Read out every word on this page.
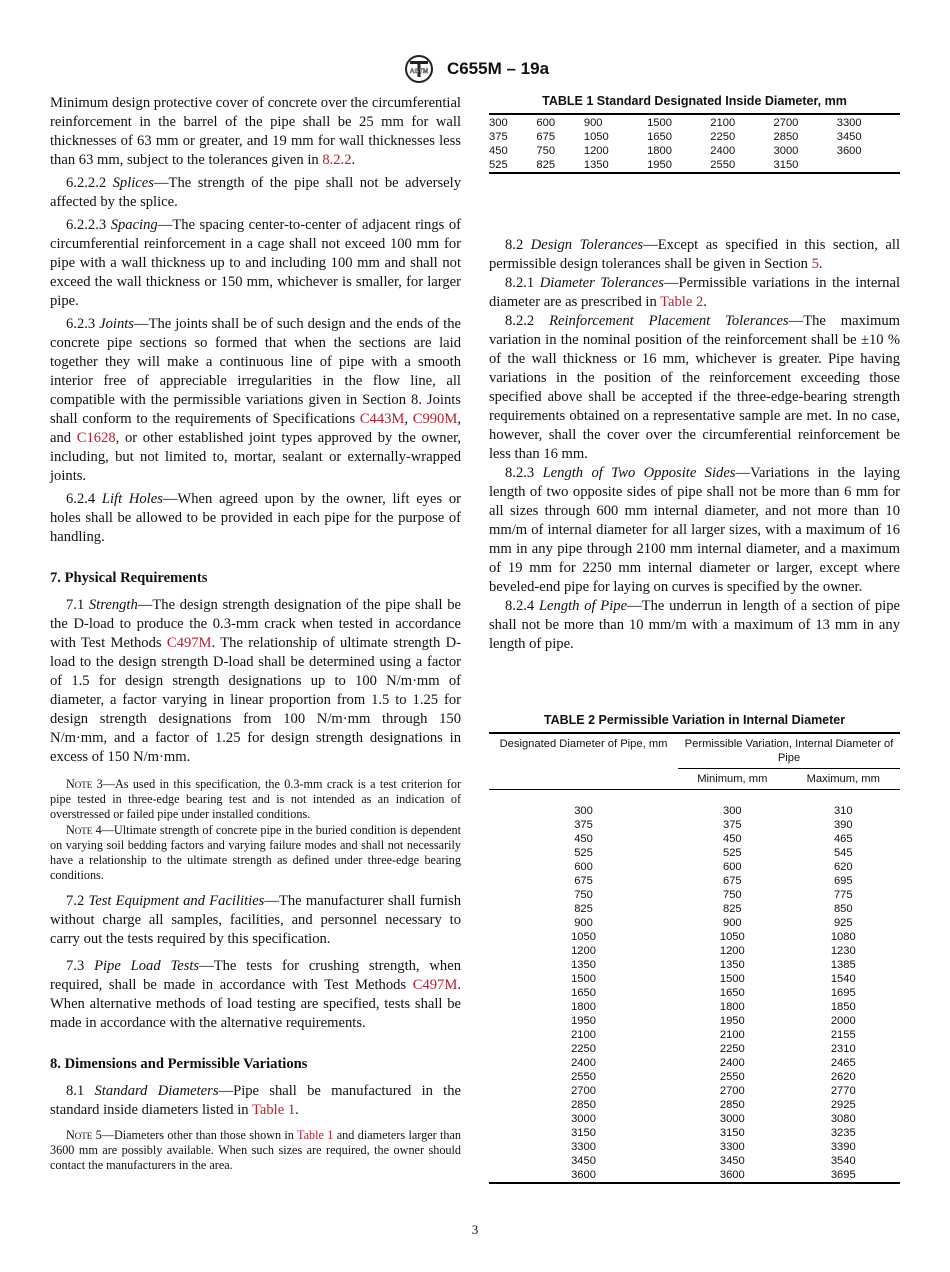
ASTM C655M – 19a

Minimum design protective cover of concrete over the circumferential reinforcement in the barrel of the pipe shall be 25 mm for wall thicknesses of 63 mm or greater, and 19 mm for wall thicknesses less than 63 mm, subject to the tolerances given in 8.2.2.

6.2.2.2 Splices—The strength of the pipe shall not be adversely affected by the splice.

6.2.2.3 Spacing—The spacing center-to-center of adjacent rings of circumferential reinforcement in a cage shall not exceed 100 mm for pipe with a wall thickness up to and including 100 mm and shall not exceed the wall thickness or 150 mm, whichever is smaller, for larger pipe.

6.2.3 Joints—The joints shall be of such design and the ends of the concrete pipe sections so formed that when the sections are laid together they will make a continuous line of pipe with a smooth interior free of appreciable irregularities in the flow line, all compatible with the permissible variations given in Section 8. Joints shall conform to the requirements of Specifications C443M, C990M, and C1628, or other established joint types approved by the owner, including, but not limited to, mortar, sealant or externally-wrapped joints.

6.2.4 Lift Holes—When agreed upon by the owner, lift eyes or holes shall be allowed to be provided in each pipe for the purpose of handling.

7. Physical Requirements

7.1 Strength—The design strength designation of the pipe shall be the D-load to produce the 0.3-mm crack when tested in accordance with Test Methods C497M. The relationship of ultimate strength D-load to the design strength D-load shall be determined using a factor of 1.5 for design strength designations up to 100 N/m·mm of diameter, a factor varying in linear proportion from 1.5 to 1.25 for design strength designations from 100 N/m·mm through 150 N/m·mm, and a factor of 1.25 for design strength designations in excess of 150 N/m·mm.

Note 3—As used in this specification, the 0.3-mm crack is a test criterion for pipe tested in three-edge bearing test and is not intended as an indication of overstressed or failed pipe under installed conditions.

Note 4—Ultimate strength of concrete pipe in the buried condition is dependent on varying soil bedding factors and varying failure modes and shall not necessarily have a relationship to the ultimate strength as defined under three-edge bearing conditions.

7.2 Test Equipment and Facilities—The manufacturer shall furnish without charge all samples, facilities, and personnel necessary to carry out the tests required by this specification.

7.3 Pipe Load Tests—The tests for crushing strength, when required, shall be made in accordance with Test Methods C497M. When alternative methods of load testing are specified, tests shall be made in accordance with the alternative requirements.

8. Dimensions and Permissible Variations

8.1 Standard Diameters—Pipe shall be manufactured in the standard inside diameters listed in Table 1.

Note 5—Diameters other than those shown in Table 1 and diameters larger than 3600 mm are possibly available. When such sizes are required, the owner should contact the manufacturers in the area.

TABLE 1 Standard Designated Inside Diameter, mm
300	600	900	1500	2100	2700	3300
375	675	1050	1650	2250	2850	3450
450	750	1200	1800	2400	3000	3600
525	825	1350	1950	2550	3150	

8.2 Design Tolerances—Except as specified in this section, all permissible design tolerances shall be given in Section 5.

8.2.1 Diameter Tolerances—Permissible variations in the internal diameter are as prescribed in Table 2.

8.2.2 Reinforcement Placement Tolerances—The maximum variation in the nominal position of the reinforcement shall be ±10 % of the wall thickness or 16 mm, whichever is greater. Pipe having variations in the position of the reinforcement exceeding those specified above shall be accepted if the three-edge-bearing strength requirements obtained on a representative sample are met. In no case, however, shall the cover over the circumferential reinforcement be less than 16 mm.

8.2.3 Length of Two Opposite Sides—Variations in the laying length of two opposite sides of pipe shall not be more than 6 mm for all sizes through 600 mm internal diameter, and not more than 10 mm/m of internal diameter for all larger sizes, with a maximum of 16 mm in any pipe through 2100 mm internal diameter, and a maximum of 19 mm for 2250 mm internal diameter or larger, except where beveled-end pipe for laying on curves is specified by the owner.

8.2.4 Length of Pipe—The underrun in length of a section of pipe shall not be more than 10 mm/m with a maximum of 13 mm in any length of pipe.

TABLE 2 Permissible Variation in Internal Diameter
Designated Diameter of Pipe, mm	Permissible Variation, Internal Diameter of Pipe	
	Minimum, mm	Maximum, mm
300	300	310
375	375	390
450	450	465
525	525	545
600	600	620
675	675	695
750	750	775
825	825	850
900	900	925
1050	1050	1080
1200	1200	1230
1350	1350	1385
1500	1500	1540
1650	1650	1695
1800	1800	1850
1950	1950	2000
2100	2100	2155
2250	2250	2310
2400	2400	2465
2550	2550	2620
2700	2700	2770
2850	2850	2925
3000	3000	3080
3150	3150	3235
3300	3300	3390
3450	3450	3540
3600	3600	3695
3
